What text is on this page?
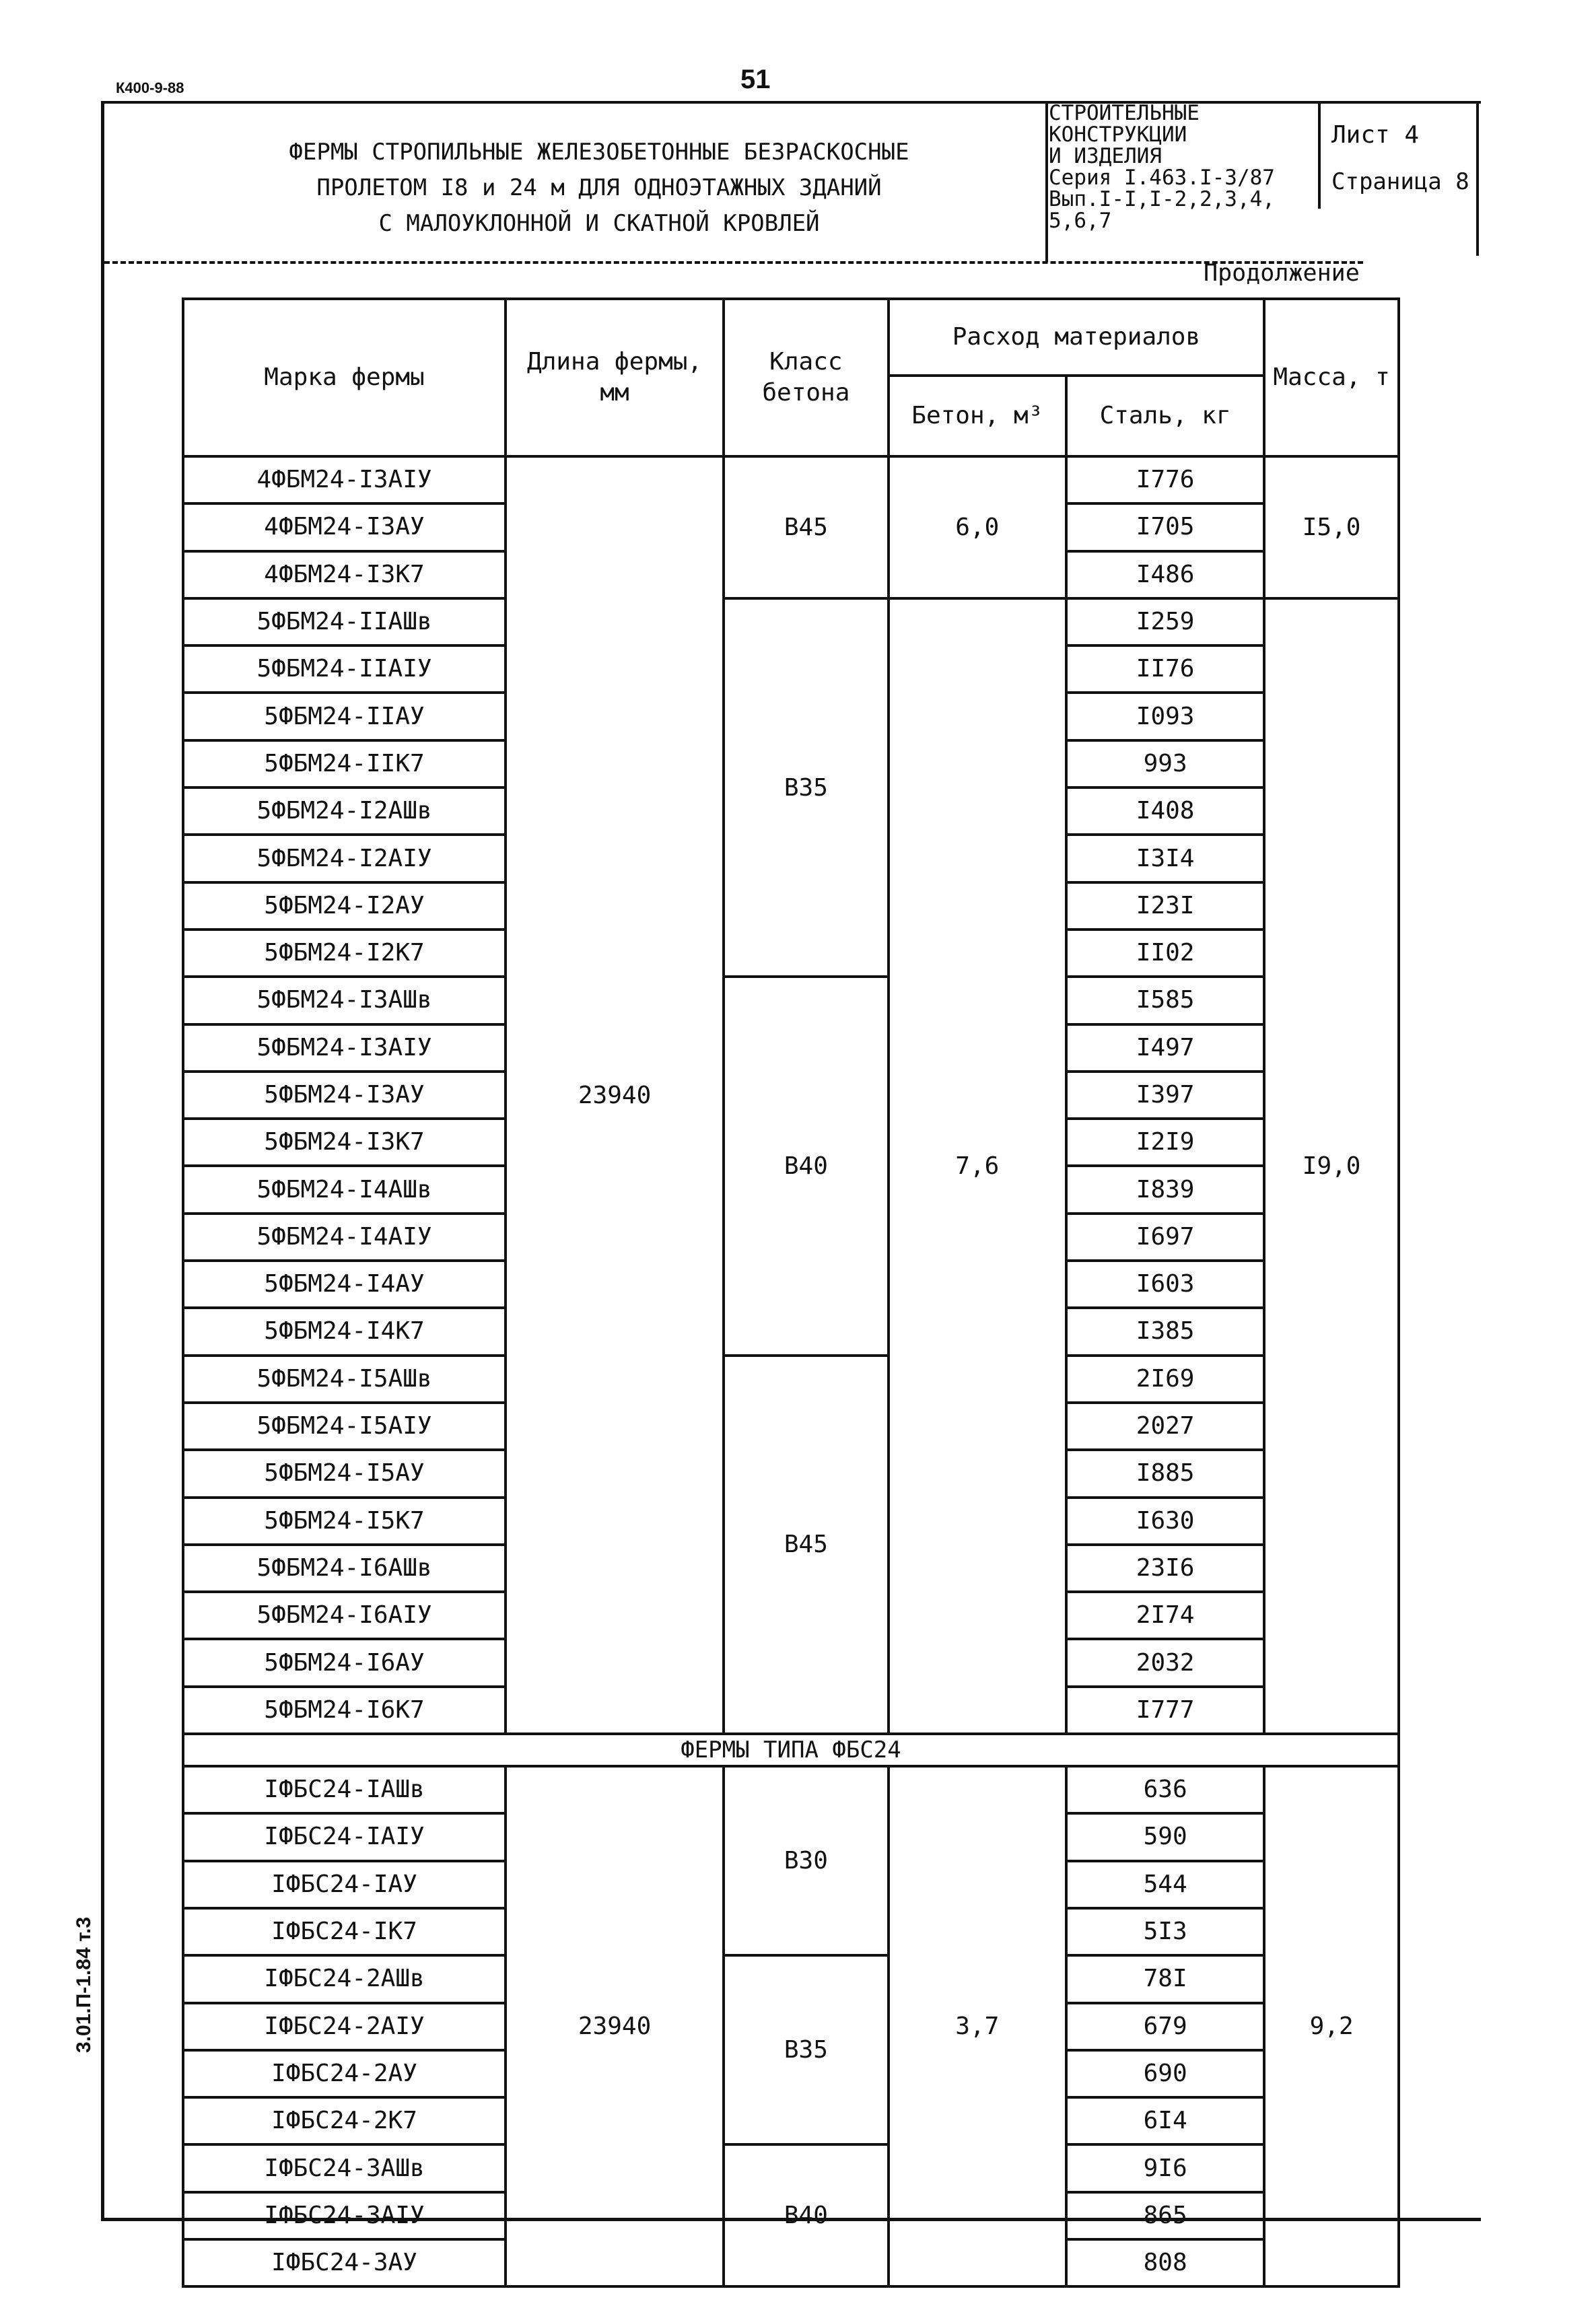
К400-9-88	51
ФЕРМЫ СТРОПИЛЬНЫЕ ЖЕЛЕЗОБЕТОННЫЕ БЕЗРАСКОСНЫЕ
ПРОЛЕТОМ I8 и 24 м ДЛЯ ОДНОЭТАЖНЫХ ЗДАНИЙ
С МАЛОУКЛОННОЙ И СКАТНОЙ КРОВЛЕЙ
СТРОИТЕЛЬНЫЕ
КОНСТРУКЦИИ
И ИЗДЕЛИЯ
Серия I.463.I-3/87
Вып.I-I,I-2,2,3,4,
5,6,7
Лист 4
Страница 8
Продолжение
3.01.П-1.84 т.3
Марка фермы	Длина фермы, мм	Класс бетона	Расход материалов		Масса, т
			Бетон, м³	Сталь, кг	
4ФБМ24-I3AIУ	23940	B45	6,0	I776	I5,0
4ФБМ24-I3AУ				I705	
4ФБМ24-I3K7				I486	
5ФБМ24-IIAШв		B35	7,6	I259	I9,0
5ФБМ24-IIAIУ				II76	
5ФБМ24-IIAУ				I093	
5ФБМ24-IIK7				993	
5ФБМ24-I2AШв				I408	
5ФБМ24-I2AIУ				I3I4	
5ФБМ24-I2AУ				I23I	
5ФБМ24-I2K7				II02	
5ФБМ24-I3AШв		B40		I585	
5ФБМ24-I3AIУ				I497	
5ФБМ24-I3AУ				I397	
5ФБМ24-I3K7				I2I9	
5ФБМ24-I4AШв				I839	
5ФБМ24-I4AIУ				I697	
5ФБМ24-I4AУ				I603	
5ФБМ24-I4K7				I385	
5ФБМ24-I5AШв		B45		2I69	
5ФБМ24-I5AIУ				2027	
5ФБМ24-I5AУ				I885	
5ФБМ24-I5K7				I630	
5ФБМ24-I6AШв				23I6	
5ФБМ24-I6AIУ				2I74	
5ФБМ24-I6AУ				2032	
5ФБМ24-I6K7				I777	
ФЕРМЫ ТИПА ФБС24					
IФБС24-IAШв	23940	B30	3,7	636	9,2
IФБС24-IAIУ				590	
IФБС24-IAУ				544	
IФБС24-IK7				5I3	
IФБС24-2AШв		B35		78I	
IФБС24-2AIУ				679	
IФБС24-2AУ				690	
IФБС24-2K7				6I4	
IФБС24-3AШв		B40		9I6	
IФБС24-3AIУ				865	
IФБС24-3AУ				808	
